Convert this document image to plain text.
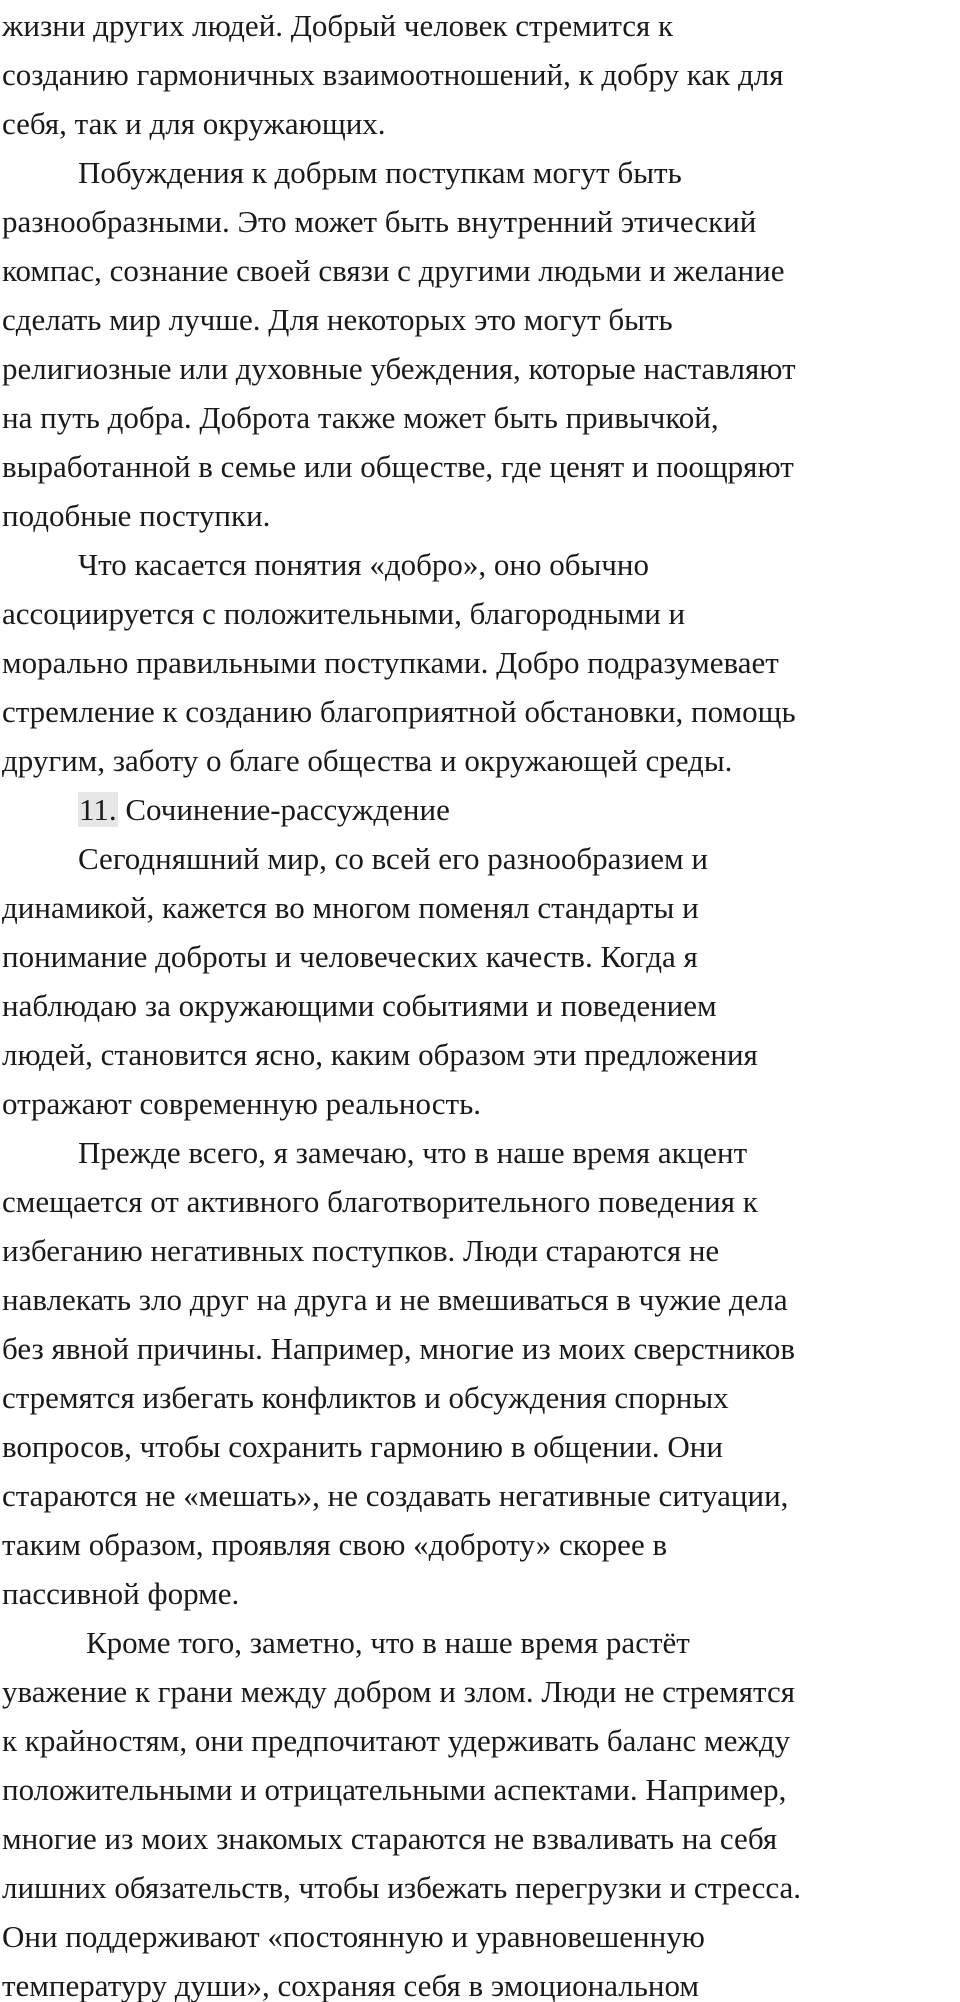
жизни других людей. Добрый человек стремится к
созданию гармоничных взаимоотношений, к добру как для
себя, так и для окружающих.
Побуждения к добрым поступкам могут быть
разнообразными. Это может быть внутренний этический
компас, сознание своей связи с другими людьми и желание
сделать мир лучше. Для некоторых это могут быть
религиозные или духовные убеждения, которые наставляют
на путь добра. Доброта также может быть привычкой,
выработанной в семье или обществе, где ценят и поощряют
подобные поступки.
Что касается понятия «добро», оно обычно
ассоциируется с положительными, благородными и
морально правильными поступками. Добро подразумевает
стремление к созданию благоприятной обстановки, помощь
другим, заботу о благе общества и окружающей среды.
11. Сочинение-рассуждение
Сегодняшний мир, со всей его разнообразием и
динамикой, кажется во многом поменял стандарты и
понимание доброты и человеческих качеств. Когда я
наблюдаю за окружающими событиями и поведением
людей, становится ясно, каким образом эти предложения
отражают современную реальность.
Прежде всего, я замечаю, что в наше время акцент
смещается от активного благотворительного поведения к
избеганию негативных поступков. Люди стараются не
навлекать зло друг на друга и не вмешиваться в чужие дела
без явной причины. Например, многие из моих сверстников
стремятся избегать конфликтов и обсуждения спорных
вопросов, чтобы сохранить гармонию в общении. Они
стараются не «мешать», не создавать негативные ситуации,
таким образом, проявляя свою «доброту» скорее в
пассивной форме.
Кроме того, заметно, что в наше время растёт
уважение к грани между добром и злом. Люди не стремятся
к крайностям, они предпочитают удерживать баланс между
положительными и отрицательными аспектами. Например,
многие из моих знакомых стараются не взваливать на себя
лишних обязательств, чтобы избежать перегрузки и стресса.
Они поддерживают «постоянную и уравновешенную
температуру души», сохраняя себя в эмоциональном
